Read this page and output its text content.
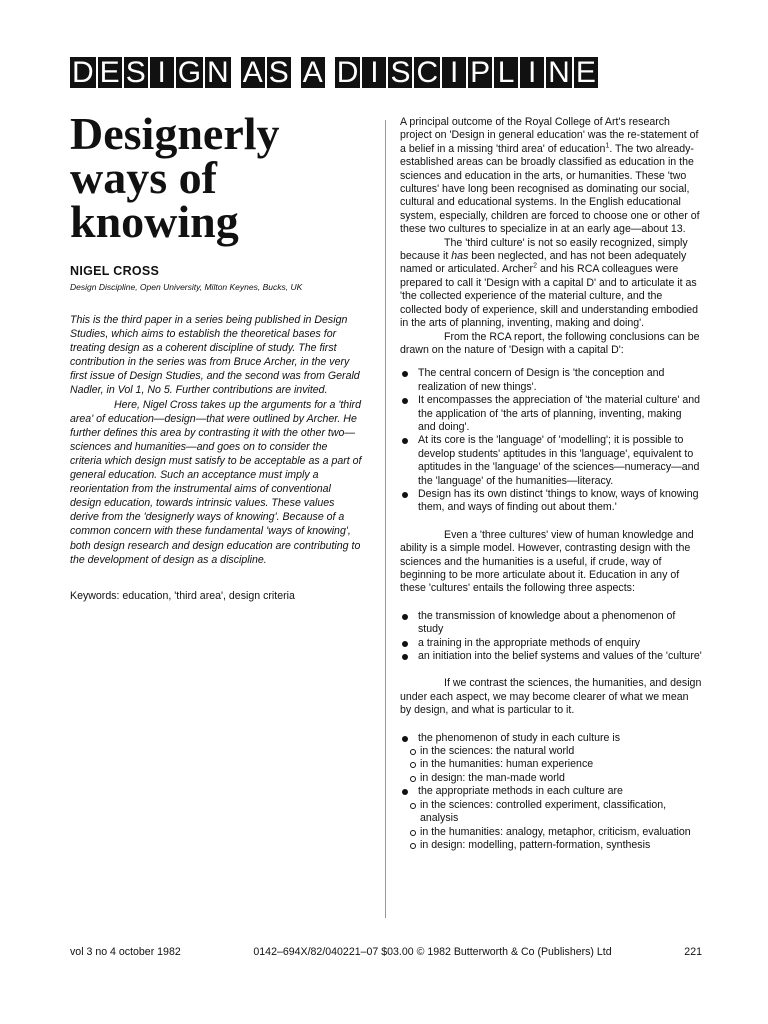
D E S I G N A S A D I S C I P L I N E
Designerly
ways of
knowing
NIGEL CROSS
Design Discipline, Open University, Milton Keynes, Bucks, UK

This is the third paper in a series being published in Design Studies, which aims to establish the theoretical bases for treating design as a coherent discipline of study. The first contribution in the series was from Bruce Archer, in the very first issue of Design Studies, and the second was from Gerald Nadler, in Vol 1, No 5. Further contributions are invited.

Here, Nigel Cross takes up the arguments for a 'third area' of education—design—that were outlined by Archer. He further defines this area by contrasting it with the other two—sciences and humanities—and goes on to consider the criteria which design must satisfy to be acceptable as a part of general education. Such an acceptance must imply a reorientation from the instrumental aims of conventional design education, towards intrinsic values. These values derive from the 'designerly ways of knowing'. Because of a common concern with these fundamental 'ways of knowing', both design research and design education are contributing to the development of design as a discipline.

Keywords: education, 'third area', design criteria

A principal outcome of the Royal College of Art's research project on 'Design in general education' was the re-statement of a belief in a missing 'third area' of education$^1$. The two already-established areas can be broadly classified as education in the sciences and education in the arts, or humanities. These 'two cultures' have long been recognised as dominating our social, cultural and educational systems. In the English educational system, especially, children are forced to choose one or other of these two cultures to specialize in at an early age—about 13.

The 'third culture' is not so easily recognized, simply because it has been neglected, and has not been adequately named or articulated. Archer$^2$ and his RCA colleagues were prepared to call it 'Design with a capital D' and to articulate it as 'the collected experience of the material culture, and the collected body of experience, skill and understanding embodied in the arts of planning, inventing, making and doing'.

From the RCA report, the following conclusions can be drawn on the nature of 'Design with a capital D':

The central concern of Design is 'the conception and realization of new things'.
It encompasses the appreciation of 'the material culture' and the application of 'the arts of planning, inventing, making and doing'.
At its core is the 'language' of 'modelling'; it is possible to develop students' aptitudes in this 'language', equivalent to aptitudes in the 'language' of the sciences—numeracy—and the 'language' of the humanities—literacy.
Design has its own distinct 'things to know, ways of knowing them, and ways of finding out about them.'

Even a 'three cultures' view of human knowledge and ability is a simple model. However, contrasting design with the sciences and the humanities is a useful, if crude, way of beginning to be more articulate about it. Education in any of these 'cultures' entails the following three aspects:

the transmission of knowledge about a phenomenon of study
a training in the appropriate methods of enquiry
an initiation into the belief systems and values of the 'culture'

If we contrast the sciences, the humanities, and design under each aspect, we may become clearer of what we mean by design, and what is particular to it.

the phenomenon of study in each culture is
in the sciences: the natural world
in the humanities: human experience
in design: the man-made world
the appropriate methods in each culture are
in the sciences: controlled experiment, classification, analysis
in the humanities: analogy, metaphor, criticism, evaluation
in design: modelling, pattern-formation, synthesis
vol 3 no 4 october 1982	0142–694X/82/040221–07 $03.00 © 1982 Butterworth & Co (Publishers) Ltd	221
